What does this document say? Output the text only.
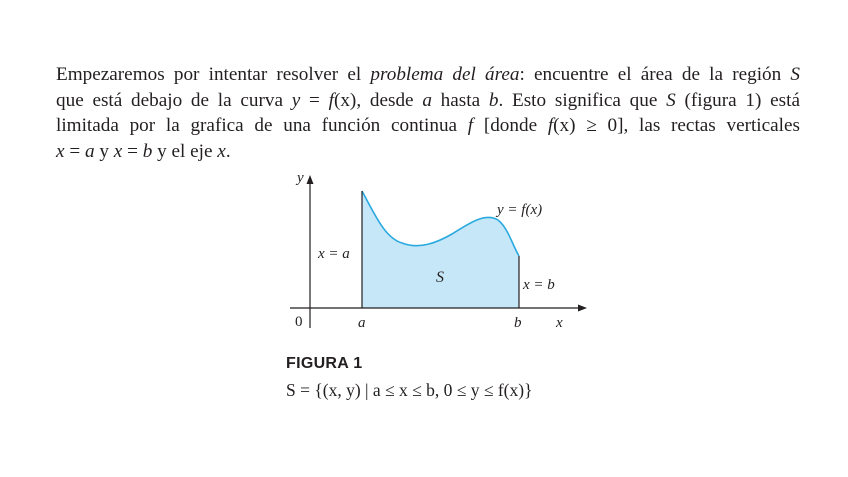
Empezaremos por intentar resolver el problema del área: encuentre el área de la región S
que está debajo de la curva y = f(x), desde a hasta b. Esto significa que S (figura 1) está
limitada por la grafica de una función continua f [donde f(x) ≥ 0], las rectas verticales
x = a y x = b y el eje x.
y
0	x
a	b
y = f(x)
x = a
x = b
S
FIGURA 1
S = {(x, y) | a ≤ x ≤ b, 0 ≤ y ≤ f(x)}
